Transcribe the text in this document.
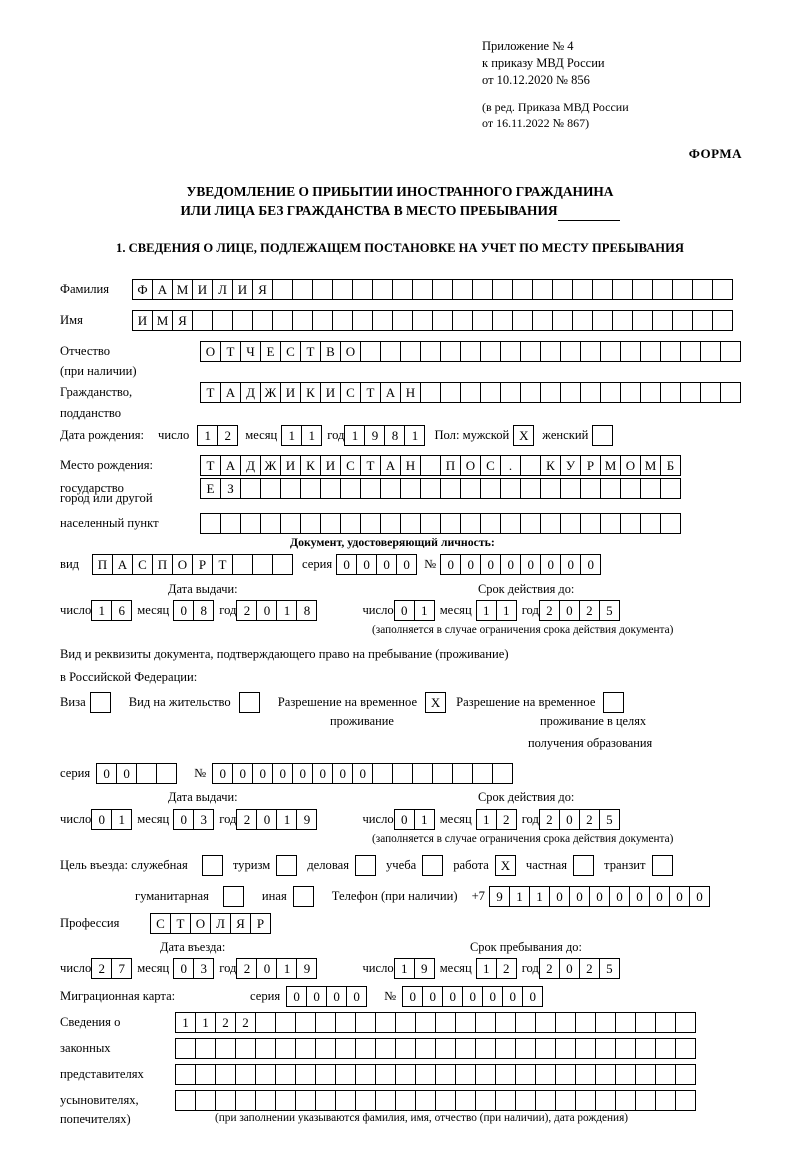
Приложение № 4
к приказу МВД России
от 10.12.2020 № 856
(в ред. Приказа МВД России
от 16.11.2022 № 867)
ФОРМА
УВЕДОМЛЕНИЕ О ПРИБЫТИИ ИНОСТРАННОГО ГРАЖДАНИНА
ИЛИ ЛИЦА БЕЗ ГРАЖДАНСТВА В МЕСТО ПРЕБЫВАНИЯ
1. СВЕДЕНИЯ О ЛИЦЕ, ПОДЛЕЖАЩЕМ ПОСТАНОВКЕ НА УЧЕТ ПО МЕСТУ ПРЕБЫВАНИЯ
Фамилия	Ф А М И Л И Я
Имя	И М Я
Отчество	О Т Ч Е С Т В О
(при наличии)
Гражданство,	Т А Д Ж И К И С Т А Н
подданство
Дата рождения: число	1	2	месяц 1	1 год 1	9	8	1	Пол: мужской X	женский
Место рождения:	Т А Д Ж И К И С Т А Н	П О С	.	К У Р М О М Б
государство	Е З
город или другой
населенный пункт
Документ, удостоверяющий личность:
вид	П А С П О Р Т	серия 0	0	0	0	№ 0	0	0	0	0	0	0	0
Дата выдачи:	Срок действия до:
число 1	6 месяц 0	8 год 2	0	1	8	число 0	1 месяц 1	1 год 2	0	2	5
(заполняется в случае ограничения срока действия документа)
Вид и реквизиты документа, подтверждающего право на пребывание (проживание)
в Российской Федерации:
Виза	Вид на жительство	Разрешение на временное	X	Разрешение на временное
проживание	проживание в целях
получения образования
серия	0	0	№	0	0	0	0	0	0	0	0
Дата выдачи:	Срок действия до:
число 0	1 месяц 0	3 год 2	0	1	9	число 0	1 месяц 1	2 год 2	0	2	5
(заполняется в случае ограничения срока действия документа)
Цель въезда: служебная	туризм	деловая	учеба	работа X	частная	транзит
гуманитарная	иная	Телефон (при наличии) +7 9	1	1	0	0	0	0	0	0	0	0
Профессия	С Т О Л Я Р
Дата въезда:	Срок пребывания до:
число 2	7 месяц 0	3 год 2	0	1	9	число 1	9 месяц 1	2 год 2	0	2	5
Миграционная карта:	серия	0	0	0	0	№	0	0	0	0	0	0	0
Сведения о	1	1	2	2
законных
представителях
усыновителях,
попечителях)	(при заполнении указываются фамилия, имя, отчество (при наличии), дата рождения)
